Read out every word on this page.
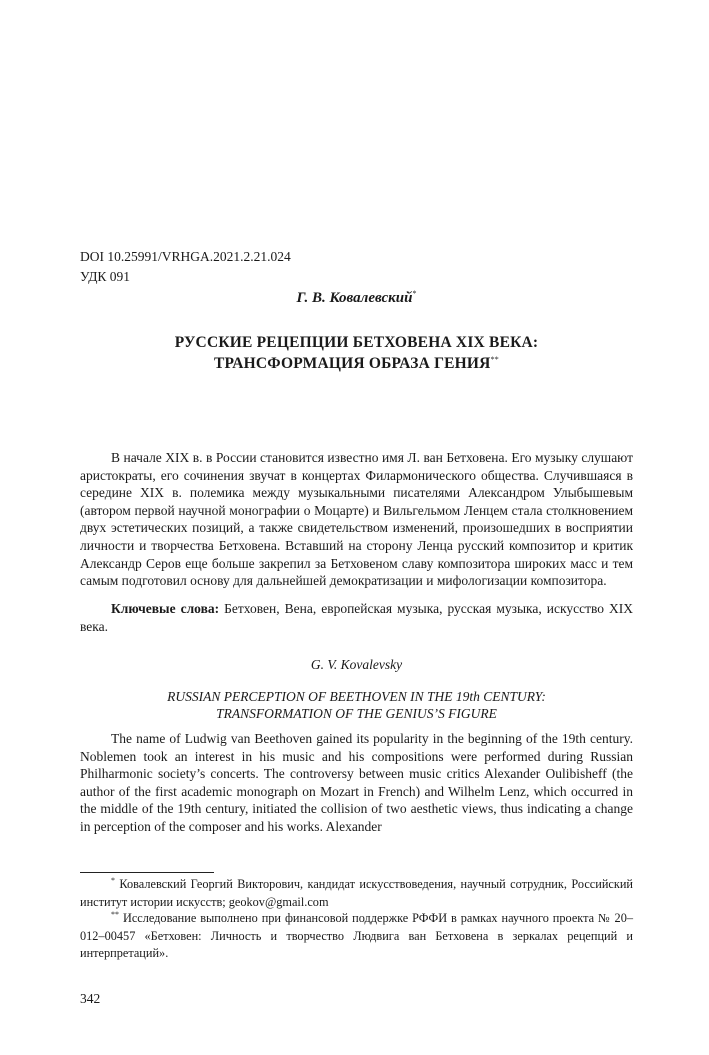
DOI 10.25991/VRHGA.2021.2.21.024
УДК 091
Г. В. Ковалевский*
РУССКИЕ РЕЦЕПЦИИ БЕТХОВЕНА XIX ВЕКА:
ТРАНСФОРМАЦИЯ ОБРАЗА ГЕНИЯ**

В начале XIX в. в России становится известно имя Л. ван Бетховена. Его музыку слушают аристократы, его сочинения звучат в концертах Филармонического общества. Случившаяся в середине XIX в. полемика между музыкальными писателями Александром Улыбышевым (автором первой научной монографии о Моцарте) и Вильгельмом Ленцем стала столкновением двух эстетических позиций, а также свидетельством изменений, произошедших в восприятии личности и творчества Бетховена. Вставший на сторону Ленца русский композитор и критик Александр Серов еще больше закрепил за Бетховеном славу композитора широких масс и тем самым подготовил основу для дальнейшей демократизации и мифологизации композитора.

Ключевые слова: Бетховен, Вена, европейская музыка, русская музыка, искусство XIX века.

G. V. Kovalevsky
RUSSIAN PERCEPTION OF BEETHOVEN IN THE 19th CENTURY:
TRANSFORMATION OF THE GENIUS’S FIGURE

The name of Ludwig van Beethoven gained its popularity in the beginning of the 19th century. Noblemen took an interest in his music and his compositions were performed during Russian Philharmonic society’s concerts. The controversy between music critics Alexander Oulibisheff (the author of the first academic monograph on Mozart in French) and Wilhelm Lenz, which occurred in the middle of the 19th century, initiated the collision of two aesthetic views, thus indicating a change in perception of the composer and his works. Alexander

* Ковалевский Георгий Викторович, кандидат искусствоведения, научный сотрудник, Российский институт истории искусств; geokov@gmail.com

** Исследование выполнено при финансовой поддержке РФФИ в рамках научного проекта № 20–012–00457 «Бетховен: Личность и творчество Людвига ван Бетховена в зеркалах рецепций и интерпретаций».

342
